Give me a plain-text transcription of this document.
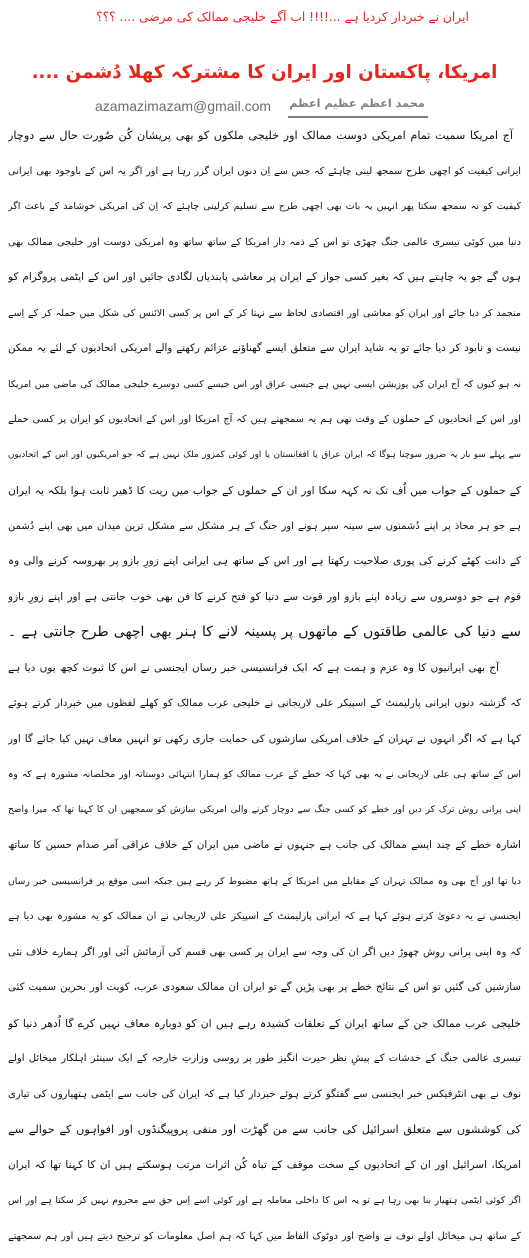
ایران نے خبردار کردیا ہے ...!!!! اب آگے خلیجی ممالک کی مرضی .... ؟؟؟
امریکا، پاکستان اور ایران کا مشترکہ کھلا دُشمن ....
azamazimazam@gmail.com	محمد اعظم عظیم اعظم
آج امریکا سمیت تمام امریکی دوست ممالک اور خلیجی ملکوں کو بھی پریشان کُن صُورت حال سے دوچار
ایرانی کیفیت کو اچھی طرح سمجھ لینی چاہئے کہ جس سے اِن دنوں ایران گزر رہا ہے اور اگر یہ اس کے باوجود بھی ایرانی
کیفیت کو نہ سمجھ سکتا پھر انہیں یہ بات بھی اچھی طرح سے تسلیم کرلینی چاہئے کہ اِن کی امریکی خوشامد کے باعث اگر
دنیا میں کوئی تیسری عالمی جنگ چھڑی تو اس کے ذمہ دار امریکا کے ساتھ ساتھ وہ امریکی دوست اور خلیجی ممالک بھی
ہوں گے جو یہ چاہتے ہیں کہ بغیر کسی جواز کے ایران پر معاشی پابندیاں لگادی جائیں اور اس کے ایٹمی پروگرام کو
منجمد کر دیا جائے اور ایران کو معاشی اور اقتصادی لحاظ سے نہتا کر کے اس پر کسی الائنس کی شکل میں حملہ کر کے اِسے
نیست و نابود کر دیا جائے تو یہ شاید ایران سے متعلق ایسے گھناؤنے عزائم رکھنے والے امریکی اتحادیوں کے لئے یہ ممکن
نہ ہو کیوں کہ آج ایران کی پوزیشن ایسی نہیں ہے جیسی عراق اور اس جیسے کسی دوسرے خلیجی ممالک کی ماضی میں امریکا
اور اس کے اتحادیوں کے حملوں کے وقت تھی ہم یہ سمجھتے ہیں کہ آج امریکا اور اس کے اتحادیوں کو ایران پر کسی حملے
سے پہلے سو بار یہ ضرور سوچنا ہوگا کہ ایران عراق یا افغانستان یا اور کوئی کمزور ملک نہیں ہے کہ جو امریکیوں اور اس کے اتحادیوں
کے حملوں کے جواب میں اُف تک نہ کہہ سکا اور ان کے حملوں کے جواب میں ریت کا ڈھیر ثابت ہوا بلکہ یہ ایران
ہے جو ہر محاذ پر اپنے دُشمنوں سے سینہ سپر ہونے اور جنگ کے ہر مشکل سے مشکل ترین میدان میں بھی اپنے دُشمن
کے دانت کھٹے کرنے کی پوری صلاحیت رکھتا ہے اور اس کے ساتھ ہی ایرانی اپنے زورِ بازو پر بھروسہ کرنے والی وہ
قوم ہے جو دوسروں سے زیادہ اپنے بازو اور قوت سے دنیا کو فتح کرنے کا فن بھی خوب جانتی ہے اور اپنے زورِ بازو
سے دنیا کی عالمی طاقتوں کے ماتھوں پر پسینہ لانے کا ہنر بھی اچھی طرح جانتی ہے ۔
آج بھی ایرانیوں کا وہ عزم و ہمت ہے کہ ایک فرانسیسی خبر رساں ایجنسی نے اس کا ثبوت کچھ یوں دیا ہے
کہ گزشتہ دنوں ایرانی پارلیمنٹ کے اسپیکر علی لاریجانی نے خلیجی عرب ممالک کو کھلے لفظوں میں خبردار کرتے ہوئے
کہا ہے کہ اگر انہوں نے تہران کے خلاف امریکی سازشوں کی حمایت جاری رکھی تو انہیں معاف نہیں کیا جائے گا اور
اس کے ساتھ ہی علی لاریجانی نے یہ بھی کہا کہ خطے کے عرب ممالک کو ہمارا انتہائی دوستانہ اور مخلصانہ مشورہ ہے کہ وہ
اپنی پرانی روش ترک کر دیں اور خطے کو کسی جنگ سے دوچار کرنے والی امریکی سازش کو سمجھیں ان کا کہنا تھا کہ میرا واضح
اشارہ خطے کے چند ایسے ممالک کی جانب ہے جنہوں نے ماضی میں ایران کے خلاف عراقی آمر صدام حسین کا ساتھ
دیا تھا اور آج بھی وہ ممالک تہران کے مقابلے میں امریکا کے ہاتھ مضبوط کر رہے ہیں جبکہ اسی موقع پر فرانسیسی خبر رساں
ایجنسی نے یہ دعویٰ کرتے ہوئے کہا ہے کہ ایرانی پارلیمنٹ کے اسپیکر علی لاریجانی نے ان ممالک کو یہ مشورہ بھی دیا ہے
کہ وہ اپنی پرانی روش چھوڑ دیں اگر ان کی وجہ سے ایران پر کسی بھی قسم کی آزمائش آئی اور اگر ہمارے خلاف نئی
سازشیں کی گئیں تو اس کے نتائج خطے پر بھی پڑیں گے تو ایران ان ممالک سعودی عرب، کویت اور بحرین سمیت کئی
خلیجی عرب ممالک جن کے ساتھ ایران کے تعلقات کشیدہ رہے ہیں ان کو دوبارہ معاف نہیں کرے گا اُدھر دنیا کو
تیسری عالمی جنگ کے خدشات کے پیشِ نظر حیرت انگیز طور پر روسی وزارتِ خارجہ کے ایک سینئر اہلکار میخائل اولے
نوف نے بھی انٹرفیکس خبر ایجنسی سے گفتگو کرتے ہوئے خبردار کیا ہے کہ ایران کی جانب سے ایٹمی ہتھیاروں کی تیاری
کی کوششوں سے متعلق اسرائیل کی جانب سے من گھڑت اور منفی پروپیگنڈوں اور افواہوں کے حوالے سے
امریکا، اسرائیل اور ان کے اتحادیوں کے سخت موقف کے تباہ کُن اثرات مرتب ہوسکتے ہیں ان کا کہنا تھا کہ ایران
اگر کوئی ایٹمی ہتھیار بنا بھی رہا ہے تو یہ اس کا داخلی معاملہ ہے اور کوئی اسے اِس حق سے محروم نہیں کر سکتا ہے اور اس
کے ساتھ ہی میخائل اولے نوف نے واضح اور دوٹوک الفاظ میں کہا کہ ہم اصل معلومات کو ترجیح دیتے ہیں اور ہم سمجھتے
